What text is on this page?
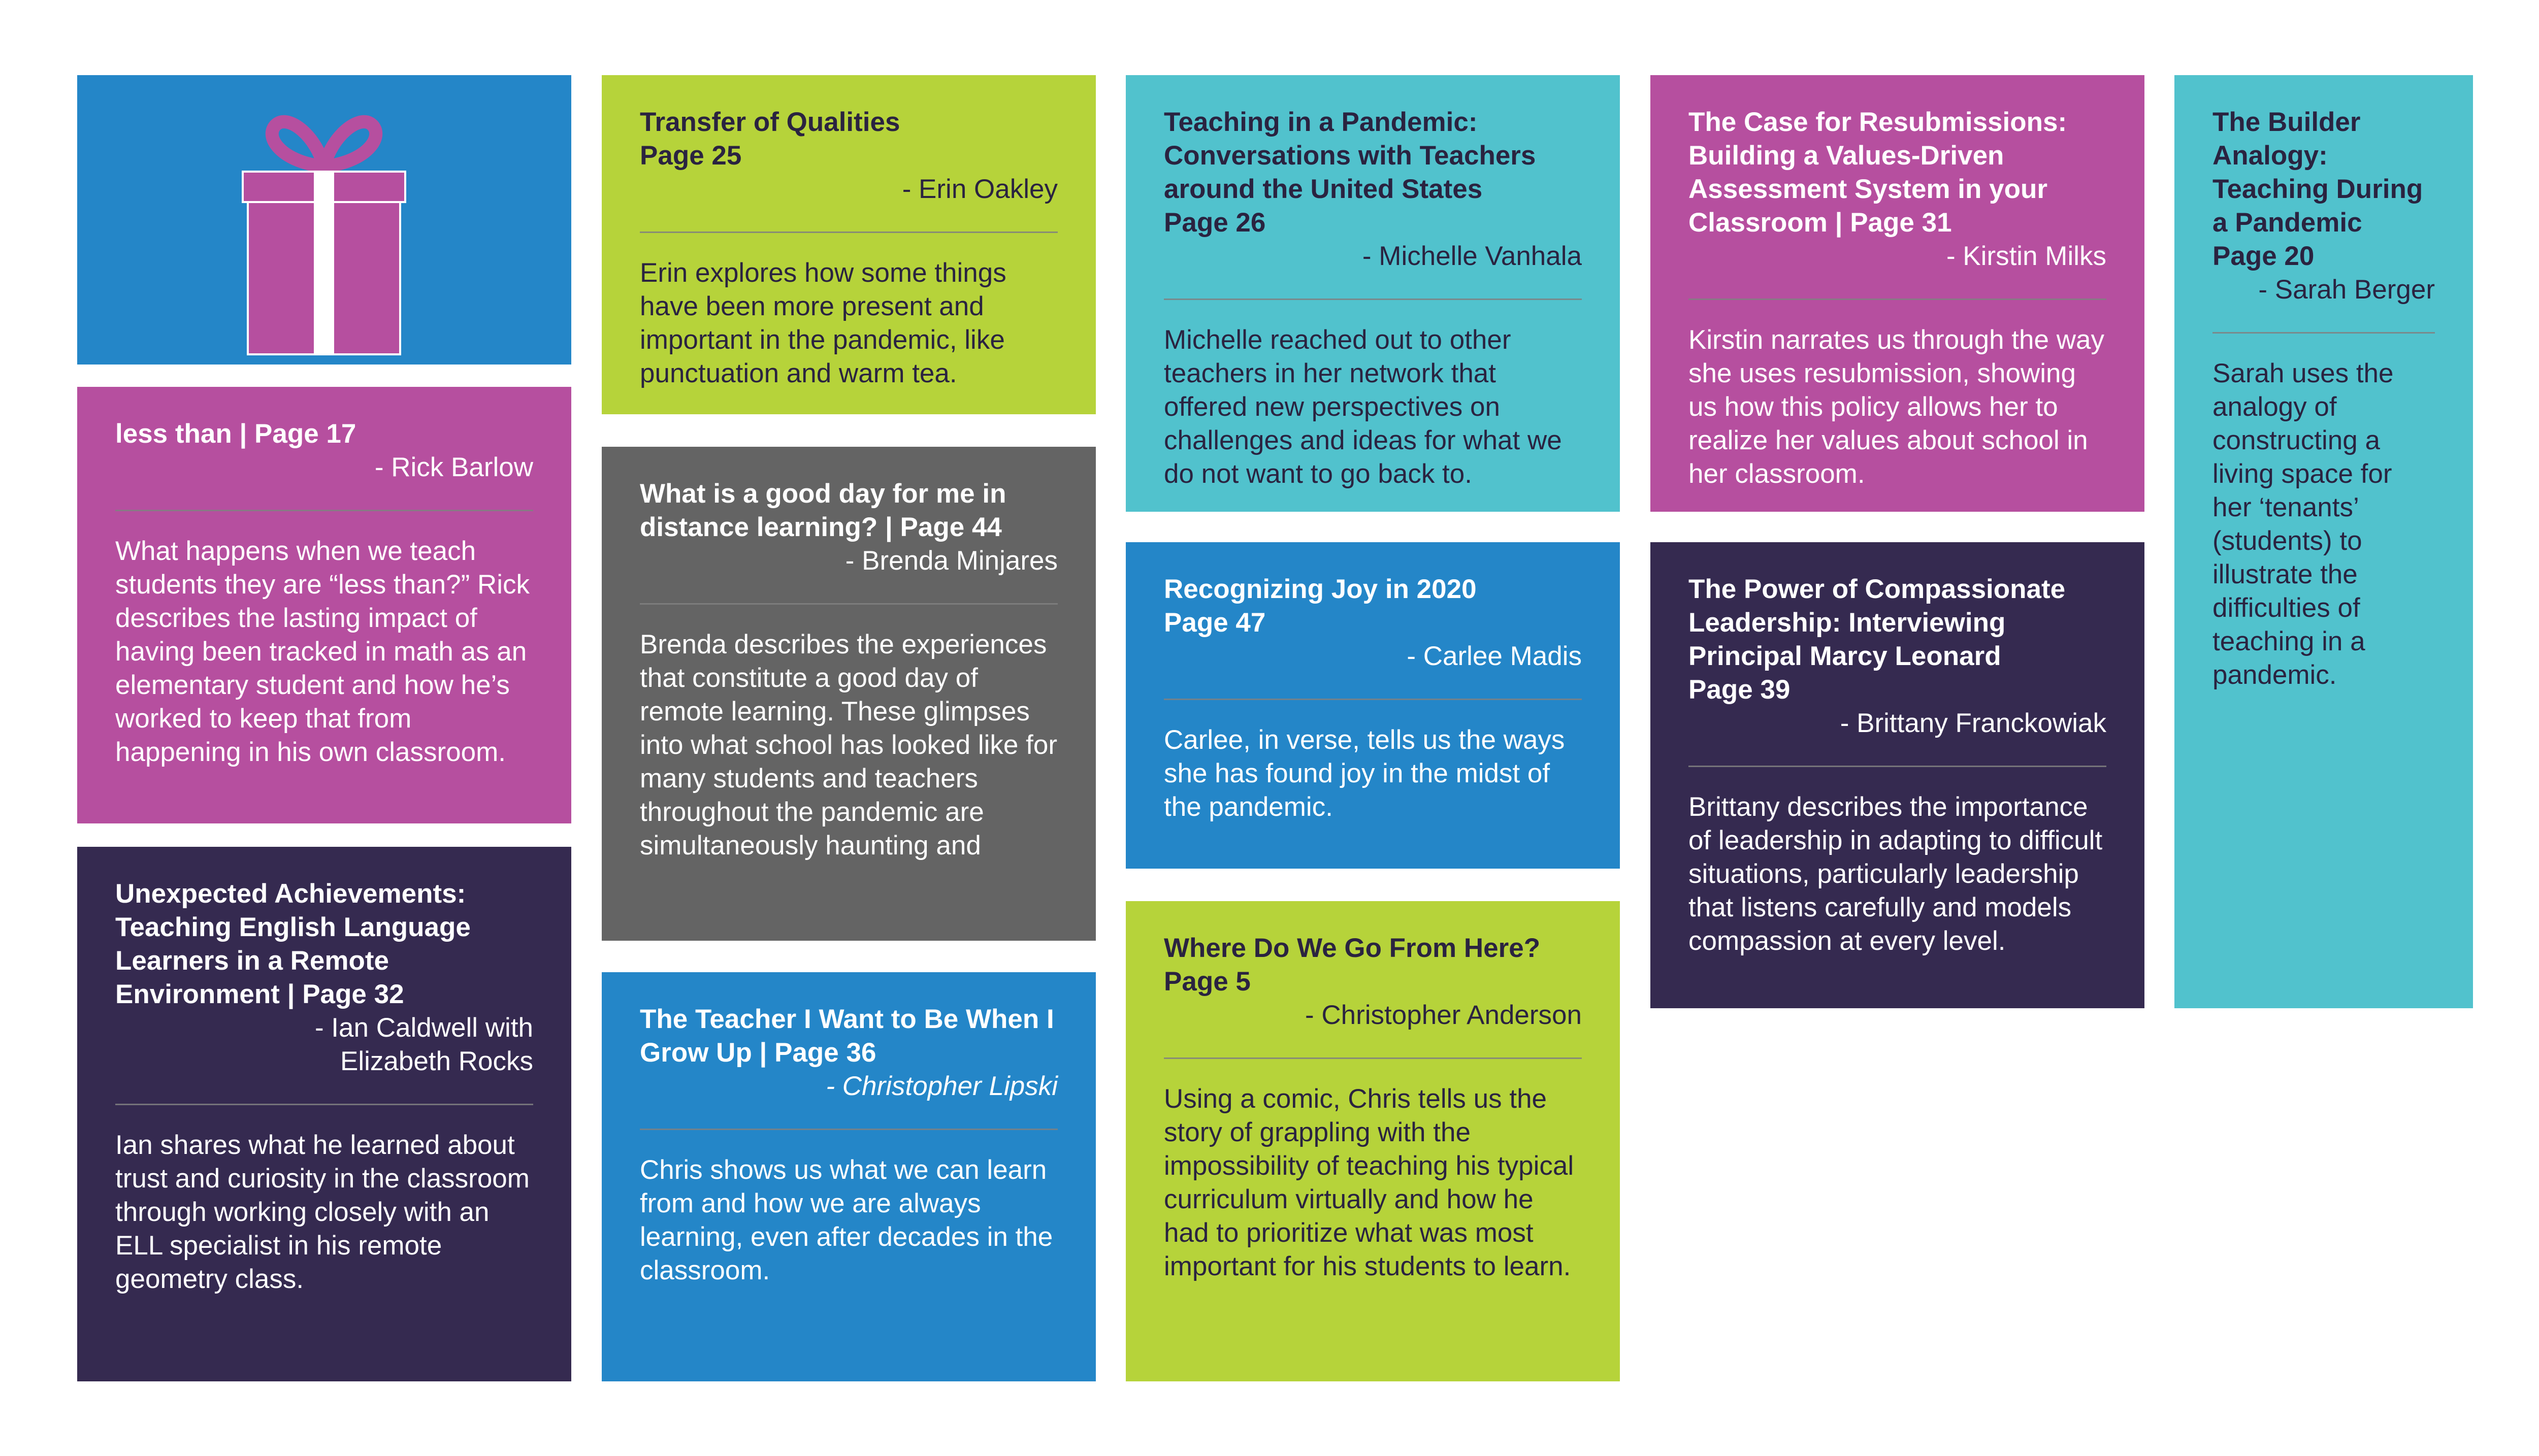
less than | Page 17
- Rick Barlow
What happens when we teach students they are “less than?” Rick describes the lasting impact of having been tracked in math as an elementary student and how he’s worked to keep that from happening in his own classroom.
Unexpected Achievements: Teaching English Language Learners in a Remote Environment | Page 32
- Ian Caldwell with
Elizabeth Rocks
Ian shares what he learned about trust and curiosity in the classroom through working closely with an ELL specialist in his remote geometry class.
Transfer of Qualities
Page 25
- Erin Oakley
Erin explores how some things have been more present and important in the pandemic, like punctuation and warm tea.
What is a good day for me in distance learning? | Page 44
- Brenda Minjares
Brenda describes the experiences that constitute a good day of remote learning. These glimpses into what school has looked like for many students and teachers throughout the pandemic are simultaneously haunting and
The Teacher I Want to Be When I Grow Up | Page 36
- Christopher Lipski
Chris shows us what we can learn from and how we are always learning, even after decades in the classroom.
Teaching in a Pandemic: Conversations with Teachers around the United States
Page 26
- Michelle Vanhala
Michelle reached out to other teachers in her network that offered new perspectives on challenges and ideas for what we do not want to go back to.
Recognizing Joy in 2020
Page 47
- Carlee Madis
Carlee, in verse, tells us the ways she has found joy in the midst of the pandemic.
Where Do We Go From Here?
Page 5
- Christopher Anderson
Using a comic, Chris tells us the story of grappling with the impossibility of teaching his typical curriculum virtually and how he had to prioritize what was most important for his students to learn.
The Case for Resubmissions: Building a Values-Driven Assessment System in your Classroom | Page 31
- Kirstin Milks
Kirstin narrates us through the way she uses resubmission, showing us how this policy allows her to realize her values about school in her classroom.
The Power of Compassionate Leadership: Interviewing Principal Marcy Leonard
Page 39
- Brittany Franckowiak
Brittany describes the importance of leadership in adapting to difficult situations, particularly leadership that listens carefully and models compassion at every level.
The Builder Analogy: Teaching During a Pandemic
Page 20
- Sarah Berger
Sarah uses the analogy of constructing a living space for her ‘tenants’ (students) to illustrate the difficulties of teaching in a pandemic.
